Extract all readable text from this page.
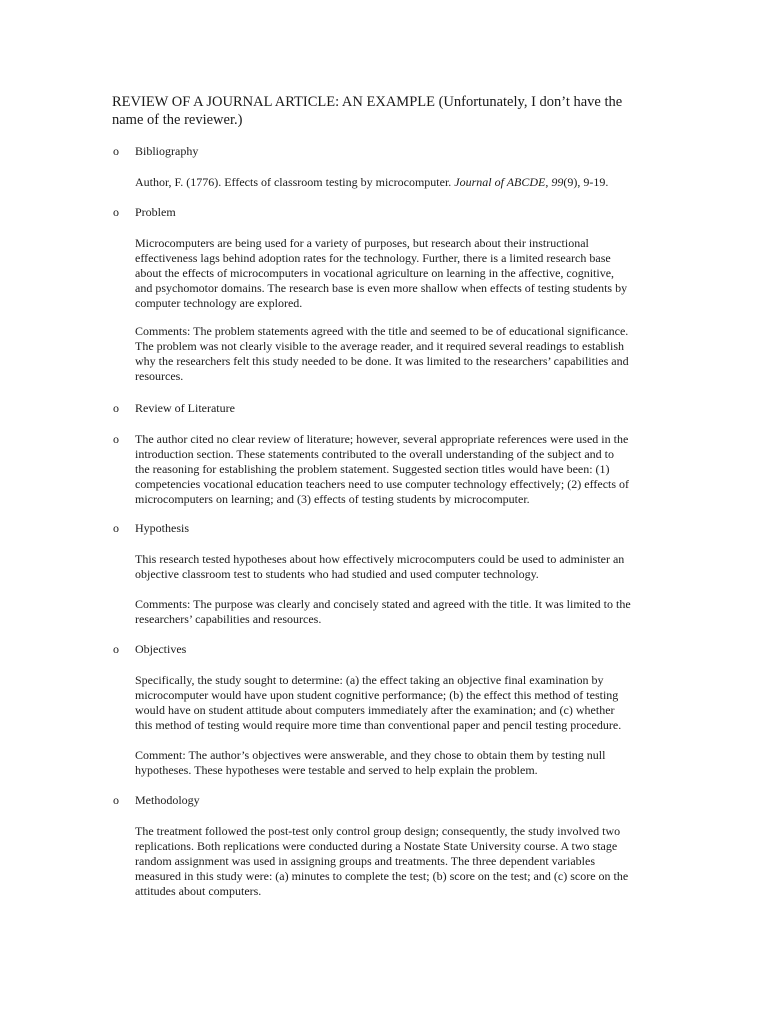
REVIEW OF A JOURNAL ARTICLE: AN EXAMPLE (Unfortunately, I don’t have the
name of the reviewer.)
o Bibliography
Author, F. (1776). Effects of classroom testing by microcomputer. Journal of ABCDE, 99(9), 9-19.
o Problem
Microcomputers are being used for a variety of purposes, but research about their instructional
effectiveness lags behind adoption rates for the technology. Further, there is a limited research base
about the effects of microcomputers in vocational agriculture on learning in the affective, cognitive,
and psychomotor domains. The research base is even more shallow when effects of testing students by
computer technology are explored.
Comments: The problem statements agreed with the title and seemed to be of educational significance.
The problem was not clearly visible to the average reader, and it required several readings to establish
why the researchers felt this study needed to be done. It was limited to the researchers’ capabilities and
resources.
o Review of Literature
o The author cited no clear review of literature; however, several appropriate references were used in the
introduction section. These statements contributed to the overall understanding of the subject and to
the reasoning for establishing the problem statement. Suggested section titles would have been: (1)
competencies vocational education teachers need to use computer technology effectively; (2) effects of
microcomputers on learning; and (3) effects of testing students by microcomputer.
o Hypothesis
This research tested hypotheses about how effectively microcomputers could be used to administer an
objective classroom test to students who had studied and used computer technology.
Comments: The purpose was clearly and concisely stated and agreed with the title. It was limited to the
researchers’ capabilities and resources.
o Objectives
Specifically, the study sought to determine: (a) the effect taking an objective final examination by
microcomputer would have upon student cognitive performance; (b) the effect this method of testing
would have on student attitude about computers immediately after the examination; and (c) whether
this method of testing would require more time than conventional paper and pencil testing procedure.
Comment: The author’s objectives were answerable, and they chose to obtain them by testing null
hypotheses. These hypotheses were testable and served to help explain the problem.
o Methodology
The treatment followed the post-test only control group design; consequently, the study involved two
replications. Both replications were conducted during a Nostate State University course. A two stage
random assignment was used in assigning groups and treatments. The three dependent variables
measured in this study were: (a) minutes to complete the test; (b) score on the test; and (c) score on the
attitudes about computers.
